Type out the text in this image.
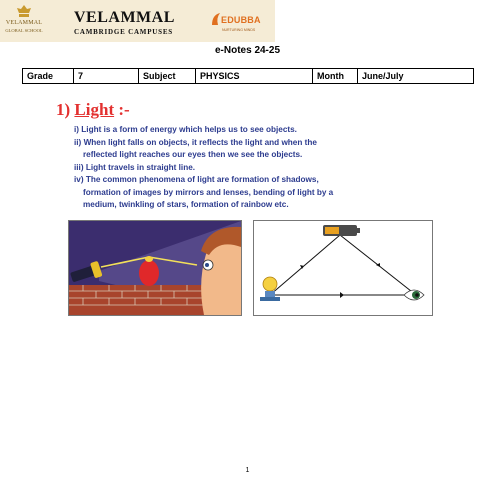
VELAMMAL
GLOBAL SCHOOL
VELAMMAL
CAMBRIDGE CAMPUSES
EDUBBA
NURTURING MINDS
e-Notes 24-25
Grade	7	Subject	PHYSICS	Month	June/July
1) Light :-
i) Light is a form of energy which helps us to see objects.
ii) When light falls on objects, it reflects the light and when the
reflected light reaches our eyes then we see the objects.
iii) Light travels in straight line.
iv) The common phenomena of light are formation of shadows,
formation of images by mirrors and lenses, bending of light by a
medium, twinkling of stars, formation of rainbow etc.
1
